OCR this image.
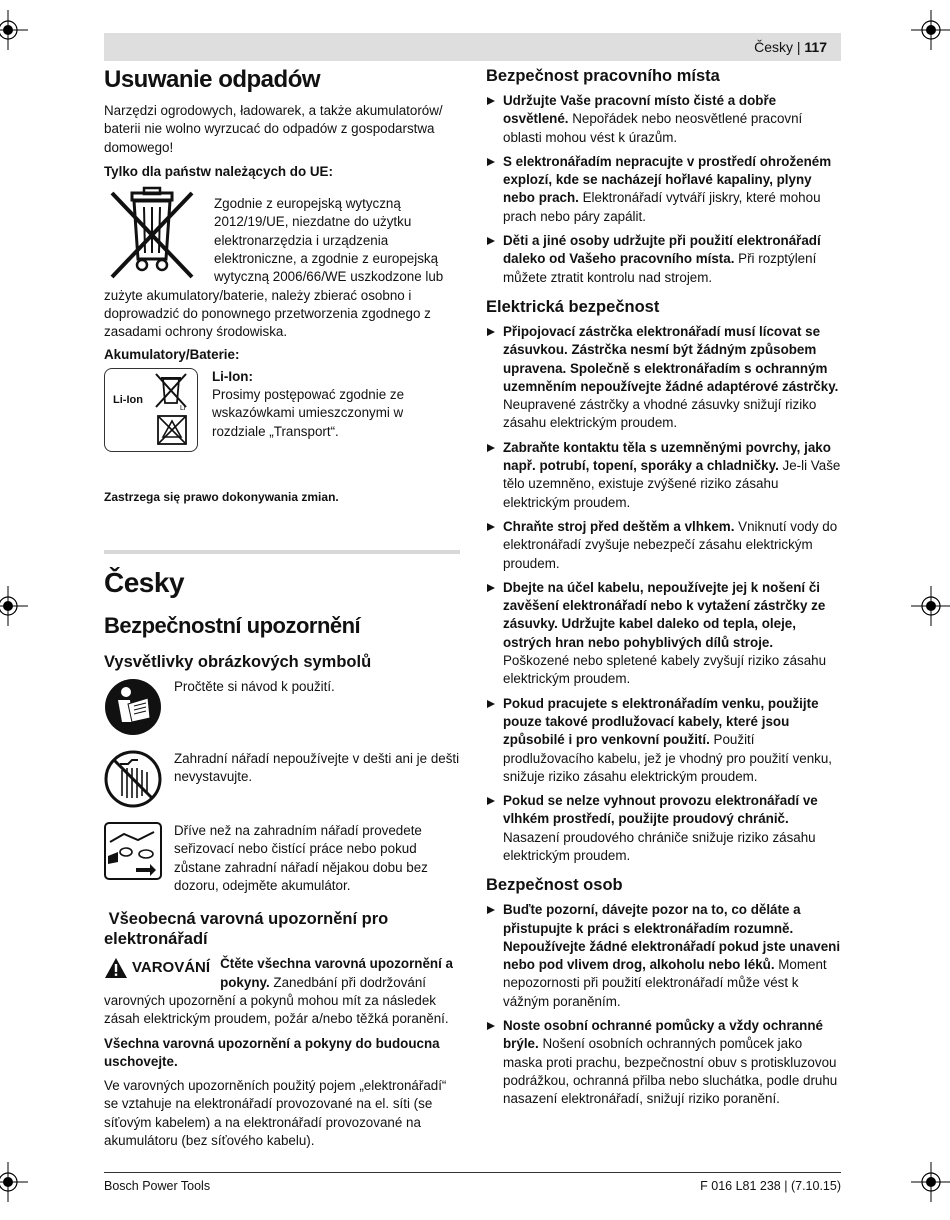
Česky | 117
Usuwanie odpadów

Narzędzi ogrodowych, ładowarek, a także akumulatorów/ baterii nie wolno wyrzucać do odpadów z gospodarstwa domowego!

Tylko dla państw należących do UE:

Zgodnie z europejską wytyczną 2012/19/UE, niezdatne do użytku elektronarzędzia i urządzenia elektroniczne, a zgodnie z europejską wytyczną 2006/66/WE uszkodzone lub zużyte akumulatory/baterie, należy zbierać osobno i doprowadzić do ponownego przetworzenia zgodnego z zasadami ochrony środowiska.

Akumulatory/Baterie:

Li-Ion
Li

Li-Ion:

Prosimy postępować zgodnie ze wskazówkami umieszczonymi w rozdziale „Transport“.

Zastrzega się prawo dokonywania zmian.

Česky
Bezpečnostní upozornění
Vysvětlivky obrázkových symbolů

Pročtěte si návod k použití.

Zahradní nářadí nepoužívejte v dešti ani je dešti nevystavujte.

Dříve než na zahradním nářadí provedete seřizovací nebo čistící práce nebo pokud zůstane zahradní nářadí nějakou dobu bez dozoru, odejměte akumulátor.

Všeobecná varovná upozornění pro elektronářadí
VAROVÁNÍ Čtěte všechna varovná upozornění a pokyny. Zanedbání při dodržování varovných upozornění a pokynů mohou mít za následek zásah elektrickým proudem, požár a/nebo těžká poranění.

Všechna varovná upozornění a pokyny do budoucna uschovejte.

Ve varovných upozorněních použitý pojem „elektronářadí“ se vztahuje na elektronářadí provozované na el. síti (se síťovým kabelem) a na elektronářadí provozované na akumulátoru (bez síťového kabelu).

Bezpečnost pracovního místa
Udržujte Vaše pracovní místo čisté a dobře osvětlené. Nepořádek nebo neosvětlené pracovní oblasti mohou vést k úrazům.
S elektronářadím nepracujte v prostředí ohroženém explozí, kde se nacházejí hořlavé kapaliny, plyny nebo prach. Elektronářadí vytváří jiskry, které mohou prach nebo páry zapálit.
Děti a jiné osoby udržujte při použití elektronářadí daleko od Vašeho pracovního místa. Při rozptýlení můžete ztratit kontrolu nad strojem.
Elektrická bezpečnost
Připojovací zástrčka elektronářadí musí lícovat se zásuvkou. Zástrčka nesmí být žádným způsobem upravena. Společně s elektronářadím s ochranným uzemněním nepoužívejte žádné adaptérové zástrčky. Neupravené zástrčky a vhodné zásuvky snižují riziko zásahu elektrickým proudem.
Zabraňte kontaktu těla s uzemněnými povrchy, jako např. potrubí, topení, sporáky a chladničky. Je-li Vaše tělo uzemněno, existuje zvýšené riziko zásahu elektrickým proudem.
Chraňte stroj před deštěm a vlhkem. Vniknutí vody do elektronářadí zvyšuje nebezpečí zásahu elektrickým proudem.
Dbejte na účel kabelu, nepoužívejte jej k nošení či zavěšení elektronářadí nebo k vytažení zástrčky ze zásuvky. Udržujte kabel daleko od tepla, oleje, ostrých hran nebo pohyblivých dílů stroje. Poškozené nebo spletené kabely zvyšují riziko zásahu elektrickým proudem.
Pokud pracujete s elektronářadím venku, použijte pouze takové prodlužovací kabely, které jsou způsobilé i pro venkovní použití. Použití prodlužovacího kabelu, jež je vhodný pro použití venku, snižuje riziko zásahu elektrickým proudem.
Pokud se nelze vyhnout provozu elektronářadí ve vlhkém prostředí, použijte proudový chránič. Nasazení proudového chrániče snižuje riziko zásahu elektrickým proudem.
Bezpečnost osob
Buďte pozorní, dávejte pozor na to, co děláte a přistupujte k práci s elektronářadím rozumně. Nepoužívejte žádné elektronářadí pokud jste unaveni nebo pod vlivem drog, alkoholu nebo léků. Moment nepozornosti při použití elektronářadí může vést k vážným poraněním.
Noste osobní ochranné pomůcky a vždy ochranné brýle. Nošení osobních ochranných pomůcek jako maska proti prachu, bezpečnostní obuv s protiskluzovou podrážkou, ochranná přilba nebo sluchátka, podle druhu nasazení elektronářadí, snižují riziko poranění.
Bosch Power Tools	F 016 L81 238 | (7.10.15)
